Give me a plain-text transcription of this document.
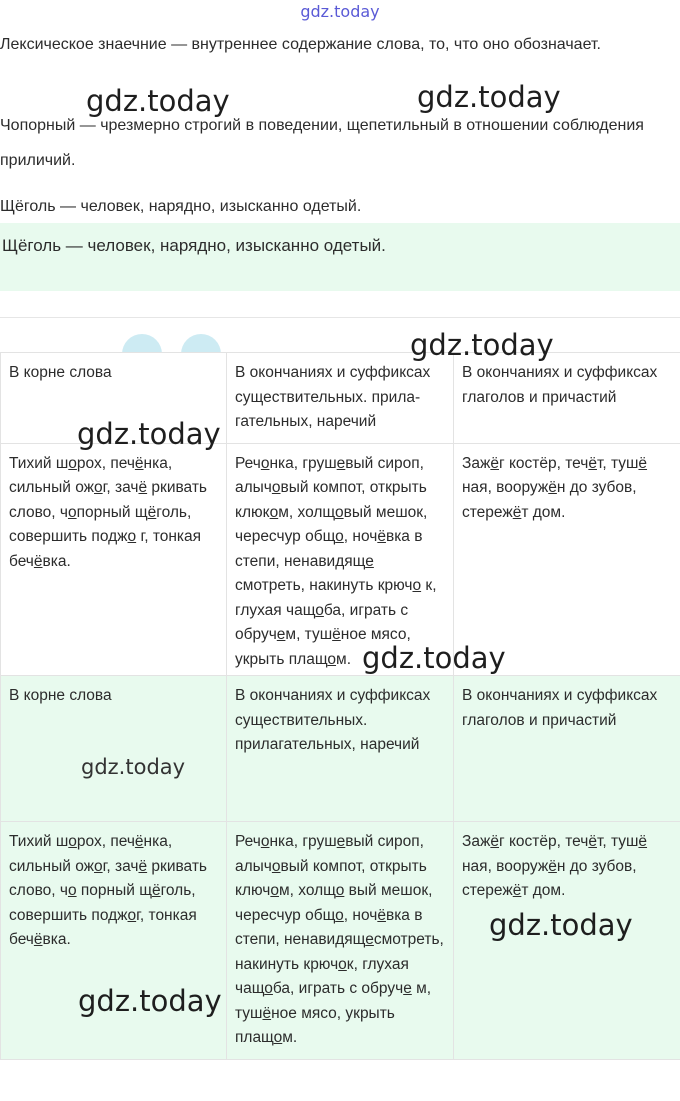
gdz.today

Лексическое знаечние — внутреннее содержание слова, то, что оно обозначает.

Чопорный — чрезмерно строгий в поведении, щепетильный в отношении соблюдения приличий.

Щёголь — человек, нарядно, изысканно одетый.

Щёголь — человек, нарядно, изысканно одетый.

В корне слова	В окончаниях и суффиксах существительных. прила-гательных, наречий	В окончаниях и суффиксах глаголов и причастий
Тихий шорох, печёнка, сильный ожог, зачё ркивать слово, чопорный щёголь, совершить поджо г, тонкая бечёвка.	Речонка, грушевый сироп, алычовый компот, открыть клюком, холщовый мешок, чересчур общо, ночёвка в степи, ненавидяще смотреть, накинуть крючо к, глухая чащоба, играть с обручем, тушёное мясо, укрыть плащом.	Зажёг костёр, течёт, тушё ная, вооружён до зубов, стережёт дом.
В корне слова	В окончаниях и суффиксах существительных. прилагательных, наречий	В окончаниях и суффиксах глаголов и причастий
Тихий шорох, печёнка, сильный ожог, зачё ркивать слово, чо порный щёголь, совершить поджог, тонкая бечёвка.	Речонка, грушевый сироп, алычовый компот, открыть ключом, холщо вый мешок, чересчур общо, ночёвка в степи, ненавидящесмотреть, накинуть крючок, глухая чащоба, играть с обруче м, тушёное мясо, укрыть плащом.	Зажёг костёр, течёт, тушё ная, вооружён до зубов, стережёт дом.
gdz.today	gdz.today
gdz.today
gdz.today
gdz.today
gdz.today
gdz.today
gdz.today
